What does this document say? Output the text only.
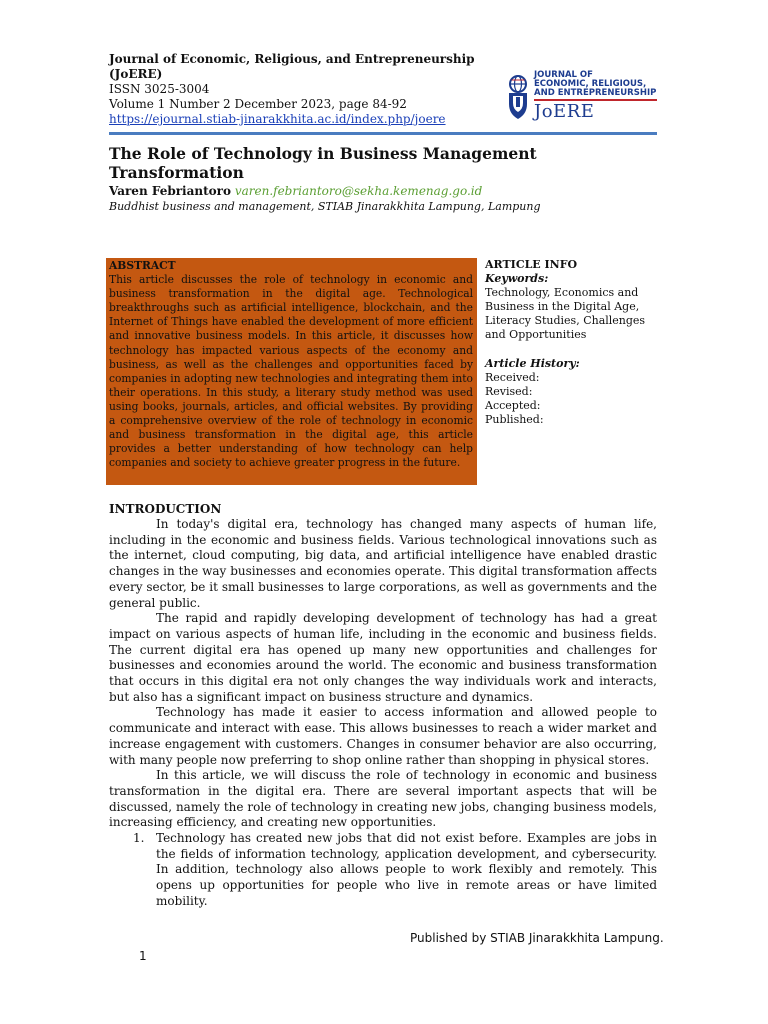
Journal of Economic, Religious, and Entrepreneurship
(JoERE)
ISSN 3025-3004
Volume 1 Number 2 December 2023, page 84-92
https://ejournal.stiab-jinarakkhita.ac.id/index.php/joere
JOURNAL OF
ECONOMIC, RELIGIOUS,
AND ENTREPRENEURSHIP
JoERE
The Role of Technology in Business Management Transformation
Varen Febriantoro varen.febriantoro@sekha.kemenag.go.id
Buddhist business and management, STIAB Jinarakkhita Lampung, Lampung
ABSTRACT
This article discusses the role of technology in economic and business transformation in the digital age. Technological breakthroughs such as artificial intelligence, blockchain, and the Internet of Things have enabled the development of more efficient and innovative business models. In this article, it discusses how technology has impacted various aspects of the economy and business, as well as the challenges and opportunities faced by companies in adopting new technologies and integrating them into their operations. In this study, a literary study method was used using books, journals, articles, and official websites. By providing a comprehensive overview of the role of technology in economic and business transformation in the digital age, this article provides a better understanding of how technology can help companies and society to achieve greater progress in the future.
ARTICLE INFO
Keywords:
Technology, Economics and Business in the Digital Age, Literacy Studies, Challenges and Opportunities
Article History:
Received:
Revised:
Accepted:
Published:
INTRODUCTION

In today's digital era, technology has changed many aspects of human life, including in the economic and business fields. Various technological innovations such as the internet, cloud computing, big data, and artificial intelligence have enabled drastic changes in the way businesses and economies operate. This digital transformation affects every sector, be it small businesses to large corporations, as well as governments and the general public.

The rapid and rapidly developing development of technology has had a great impact on various aspects of human life, including in the economic and business fields. The current digital era has opened up many new opportunities and challenges for businesses and economies around the world. The economic and business transformation that occurs in this digital era not only changes the way individuals work and interacts, but also has a significant impact on business structure and dynamics.

Technology has made it easier to access information and allowed people to communicate and interact with ease. This allows businesses to reach a wider market and increase engagement with customers. Changes in consumer behavior are also occurring, with many people now preferring to shop online rather than shopping in physical stores.

In this article, we will discuss the role of technology in economic and business transformation in the digital era. There are several important aspects that will be discussed, namely the role of technology in creating new jobs, changing business models, increasing efficiency, and creating new opportunities.

1. Technology has created new jobs that did not exist before. Examples are jobs in the fields of information technology, application development, and cybersecurity. In addition, technology also allows people to work flexibly and remotely. This opens up opportunities for people who live in remote areas or have limited mobility.
Published by STIAB Jinarakkhita Lampung.
1
